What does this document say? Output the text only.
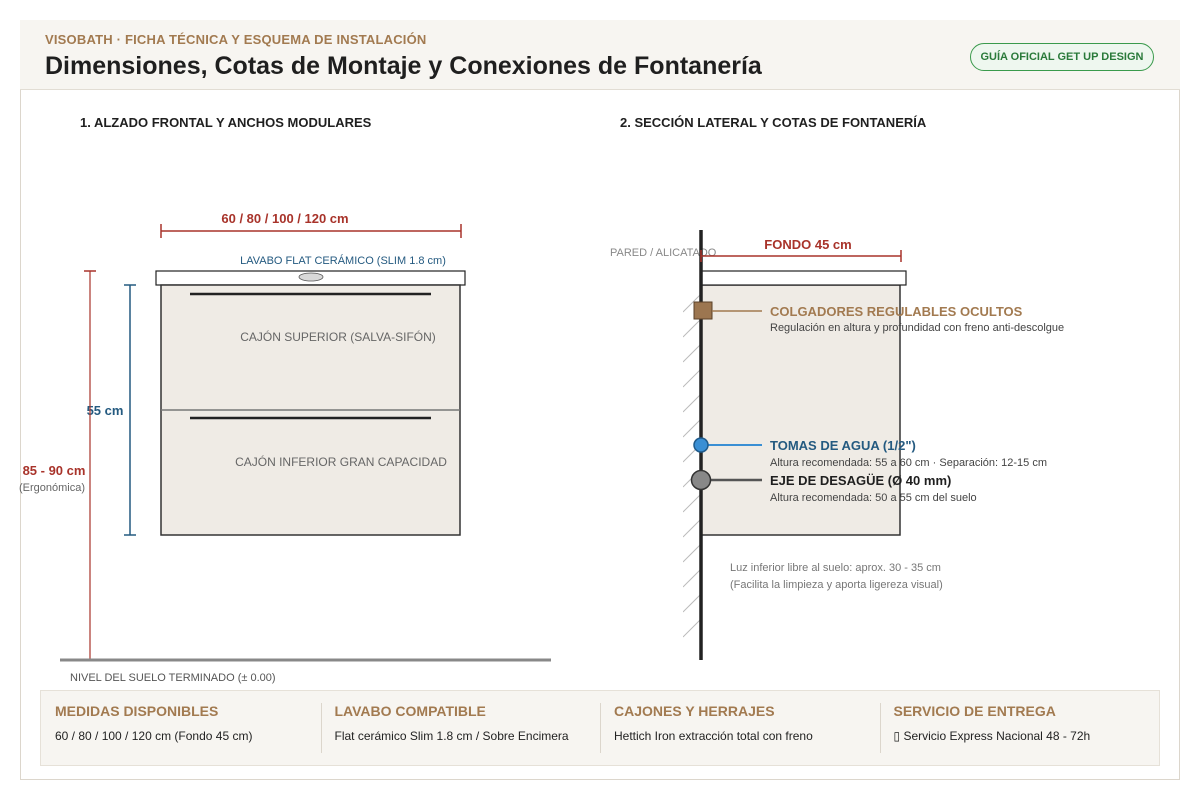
VISOBATH · FICHA TÉCNICA Y ESQUEMA DE INSTALACIÓN
Dimensiones, Cotas de Montaje y Conexiones de Fontanería	GUÍA OFICIAL GET UP DESIGN
1. ALZADO FRONTAL Y ANCHOS MODULARES
60 / 80 / 100 / 120 cm
LAVABO FLAT CERÁMICO (SLIM 1.8 cm)
CAJÓN SUPERIOR (SALVA-SIFÓN)
CAJÓN INFERIOR GRAN CAPACIDAD
55 cm
85 - 90 cm
(Ergonómica)
NIVEL DEL SUELO TERMINADO (± 0.00)
2. SECCIÓN LATERAL Y COTAS DE FONTANERÍA
PARED / ALICATADO
FONDO 45 cm
COLGADORES REGULABLES OCULTOS
Regulación en altura y profundidad con freno anti-descolgue
TOMAS DE AGUA (1/2")
Altura recomendada: 55 a 60 cm · Separación: 12-15 cm
EJE DE DESAGÜE (Ø 40 mm)
Altura recomendada: 50 a 55 cm del suelo
Luz inferior libre al suelo: aprox. 30 - 35 cm
(Facilita la limpieza y aporta ligereza visual)
MEDIDAS DISPONIBLES
60 / 80 / 100 / 120 cm (Fondo 45 cm)
LAVABO COMPATIBLE
Flat cerámico Slim 1.8 cm / Sobre Encimera
CAJONES Y HERRAJES
Hettich Iron extracción total con freno
SERVICIO DE ENTREGA
▯ Servicio Express Nacional 48 - 72h
